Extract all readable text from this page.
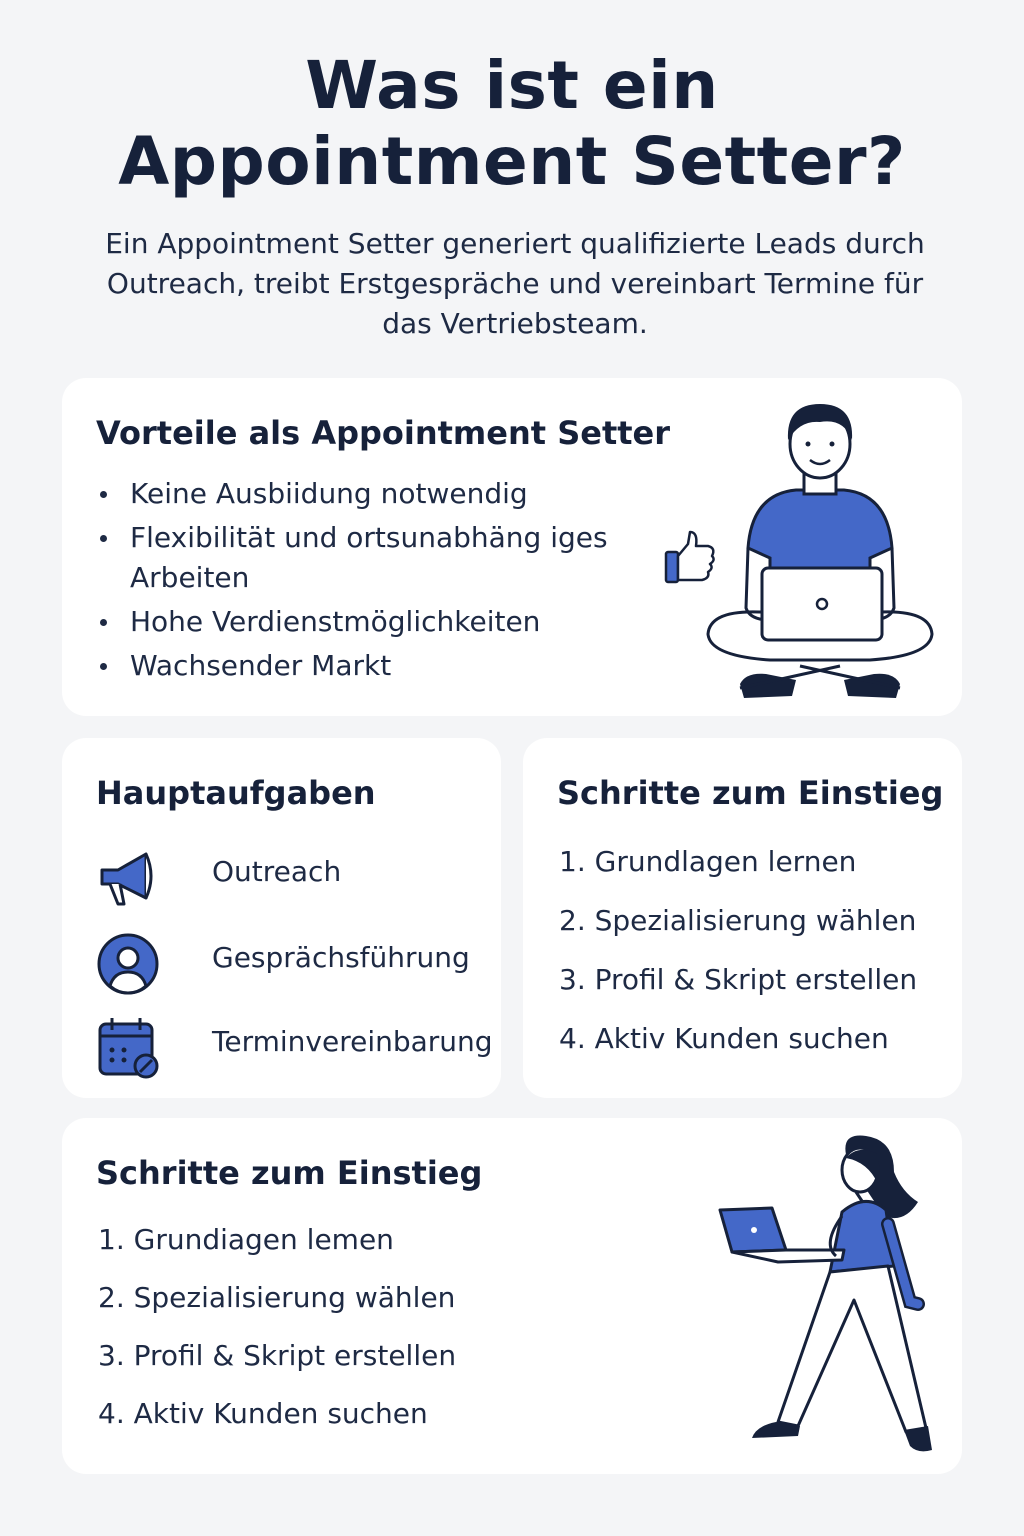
Was ist ein
Appointment Setter?

Ein Appointment Setter generiert qualifizierte Leads durch Outreach, treibt Erstgespräche und vereinbart Termine für das Vertriebsteam.

Vorteile als Appointment Setter
Keine Ausbiidung notwendig
Flexibilität und ortsunabhäng iges Arbeiten
Hohe Verdienstmöglichkeiten
Wachsender Markt
Hauptaufgaben
Outreach
Gesprächsführung
Terminvereinbarung
Schritte zum Einstieg
1. Grundlagen lernen
2. Spezialisierung wählen
3. Profil & Skript erstellen
4. Aktiv Kunden suchen
Schritte zum Einstieg
1. Grundiagen lemen
2. Spezialisierung wählen
3. Profil & Skript erstellen
4. Aktiv Kunden suchen
